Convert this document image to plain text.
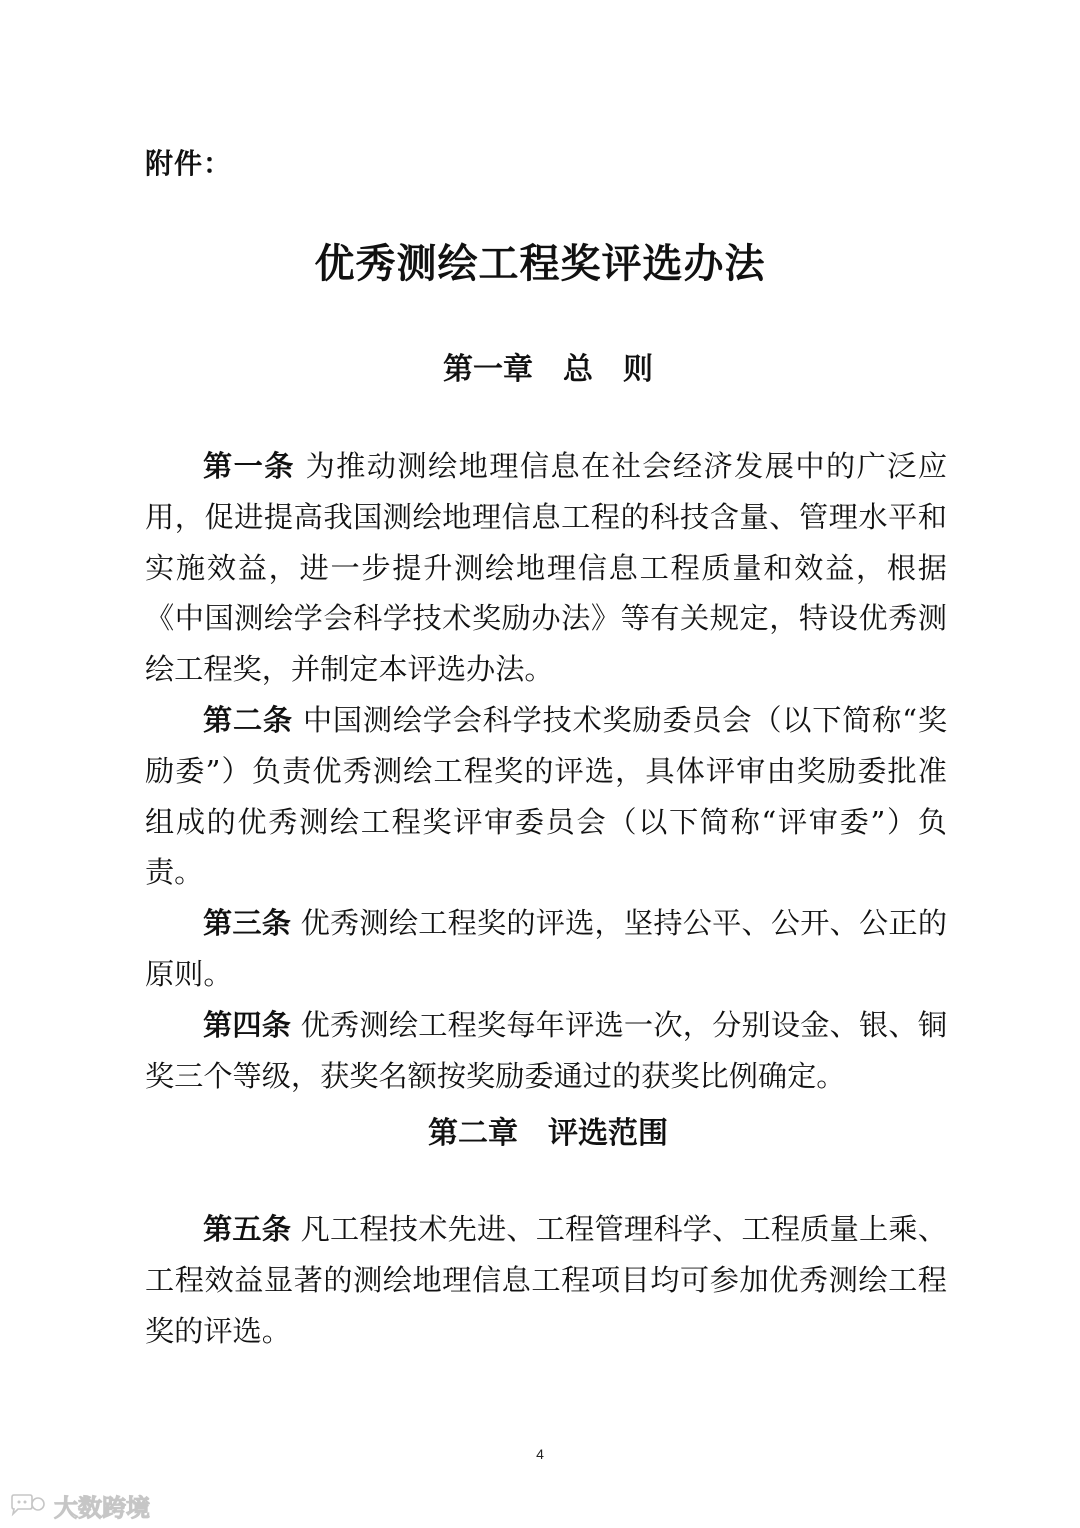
附件：

优秀测绘工程奖评选办法
第一章　总　则

第一条 为推动测绘地理信息在社会经济发展中的广泛应用，促进提高我国测绘地理信息工程的科技含量、管理水平和实施效益，进一步提升测绘地理信息工程质量和效益，根据《中国测绘学会科学技术奖励办法》等有关规定，特设优秀测绘工程奖，并制定本评选办法。

第二条 中国测绘学会科学技术奖励委员会（以下简称“奖励委”）负责优秀测绘工程奖的评选，具体评审由奖励委批准组成的优秀测绘工程奖评审委员会（以下简称“评审委”）负责。

第三条 优秀测绘工程奖的评选，坚持公平、公开、公正的原则。

第四条 优秀测绘工程奖每年评选一次，分别设金、银、铜奖三个等级，获奖名额按奖励委通过的获奖比例确定。

第二章　评选范围

第五条 凡工程技术先进、工程管理科学、工程质量上乘、工程效益显著的测绘地理信息工程项目均可参加优秀测绘工程奖的评选。

4

大数跨境
